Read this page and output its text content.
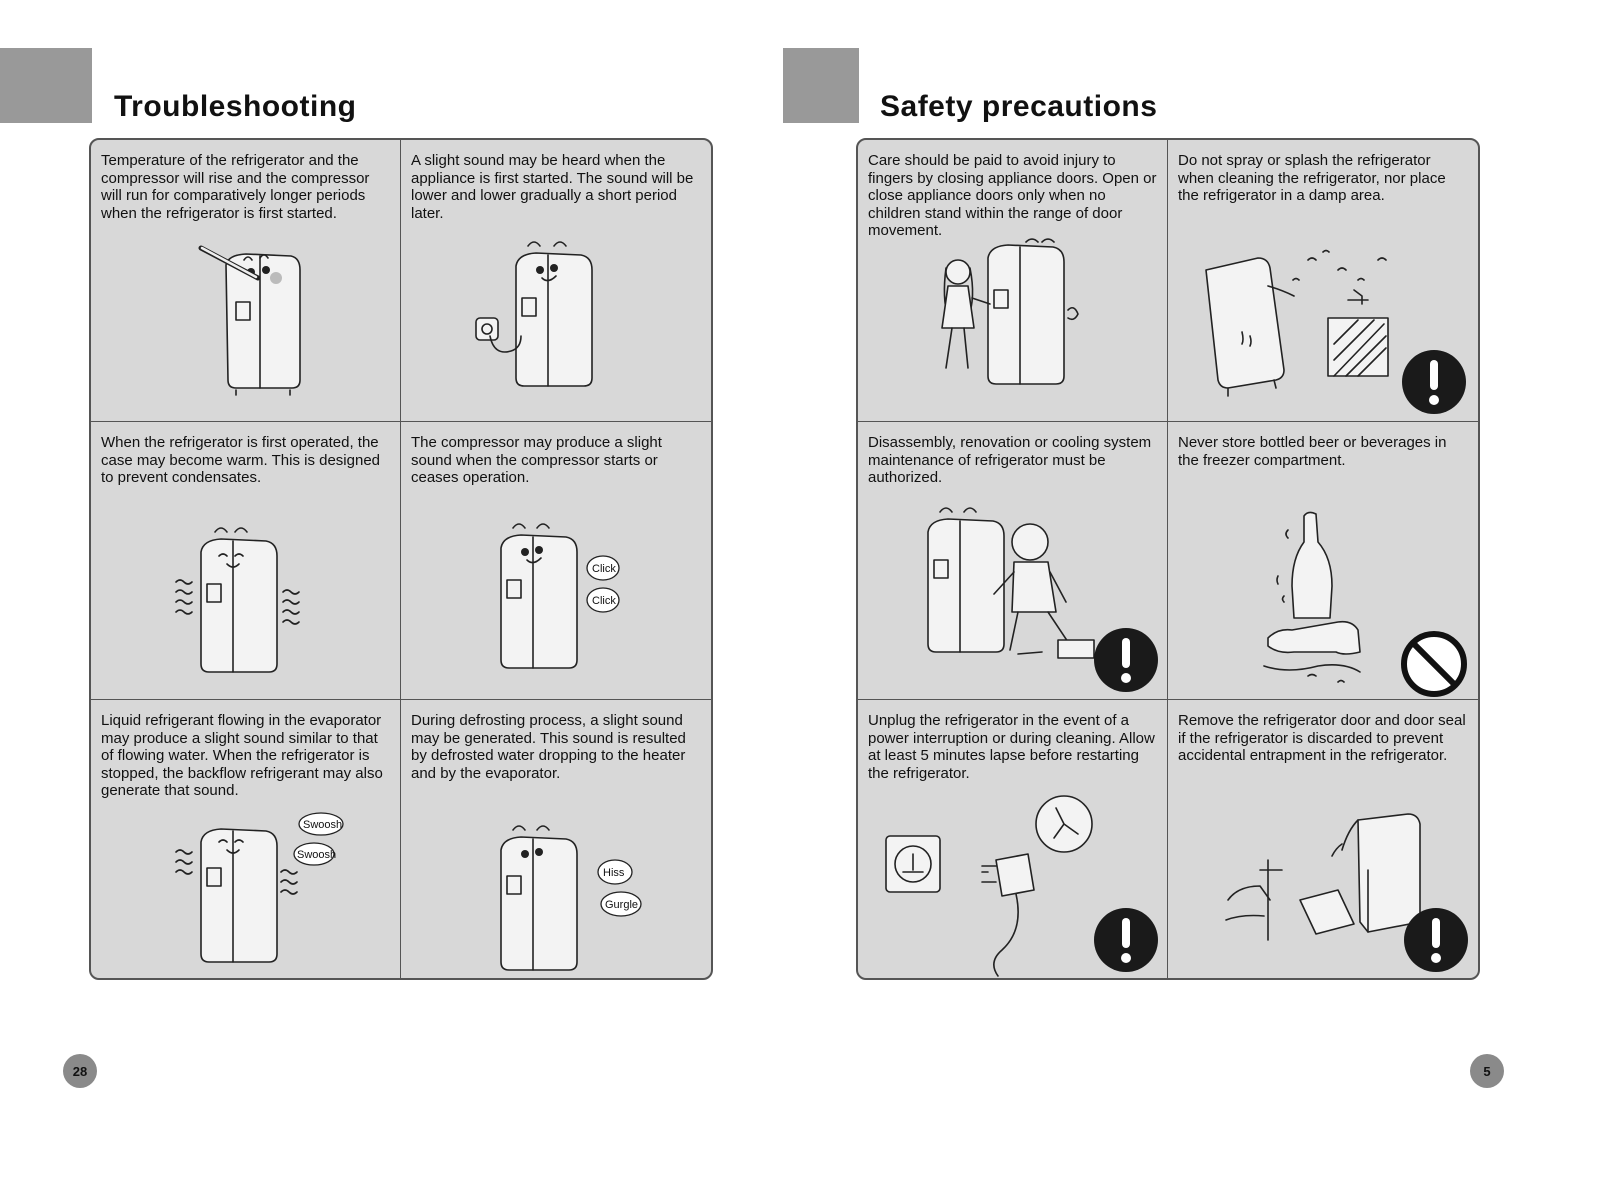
Troubleshooting
Temperature of the refrigerator and the compressor will rise and the compressor will run for comparatively longer periods when the refrigerator is first started.
A slight sound may be heard when the appliance is first started. The sound will be lower and lower gradually a short period later.
When the refrigerator is first operated, the case may become warm. This is designed to prevent condensates.
The compressor may produce a slight sound when the compressor starts or ceases operation.
Click
Click
Liquid refrigerant flowing in the evaporator may produce a slight sound similar to that of flowing water. When the refrigerator is stopped, the backflow refrigerant may also generate that sound.
Swoosh
Swoosh
During defrosting process, a slight sound may be generated. This sound is resulted by defrosted water dropping to the heater and by the evaporator.
Hiss
Gurgle
28
Safety precautions
Care should be paid to avoid injury to fingers by closing appliance doors. Open or close appliance doors only when no children stand within the range of door movement.
Do not spray or splash the refrigerator when cleaning the refrigerator, nor place the refrigerator in a damp area.
Disassembly, renovation or cooling system maintenance of refrigerator must be authorized.
Never store bottled beer or beverages in the freezer compartment.
Unplug the refrigerator in the event of a power interruption or during cleaning. Allow at least 5 minutes lapse before restarting the refrigerator.
Remove the refrigerator door and door seal if the refrigerator is discarded to prevent accidental entrapment in the refrigerator.
5
